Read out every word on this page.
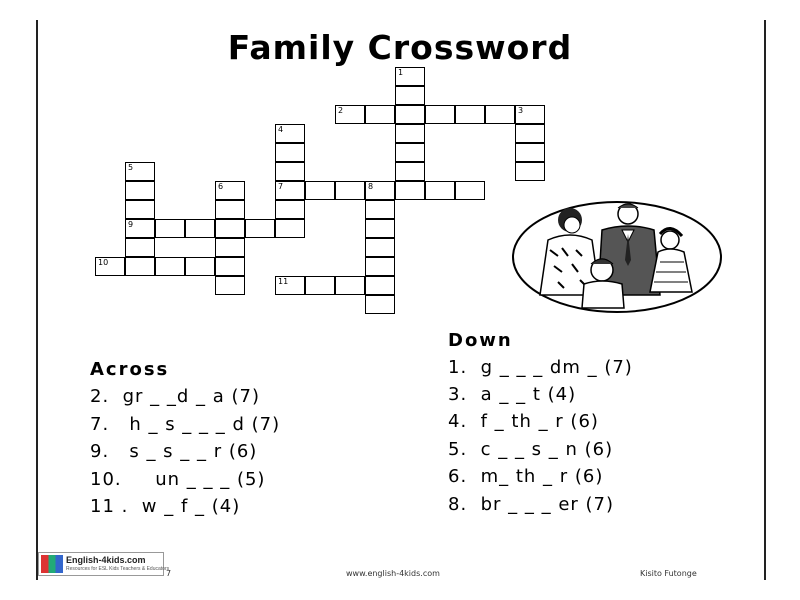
Family Crossword
1
2	3
4
5
6	7	8
9
10
11
Across
Down
2.  gr _ _d _ a (7)
7.   h _ s _ _ _ d (7)
9.   s _ s _ _ r (6)
10.     un _ _ _ (5)
11 .  w _ f _ (4)
1.  g _ _ _ dm _ (7)
3.  a _ _ t (4)
4.  f _ th _ r (6)
5.  c _ _ s _ n (6)
6.  m_ th _ r (6)
8.  br _ _ _ er (7)
English-4kids.com
Resources for ESL Kids Teachers & Educators
7	www.english-4kids.com	Kisito Futonge
